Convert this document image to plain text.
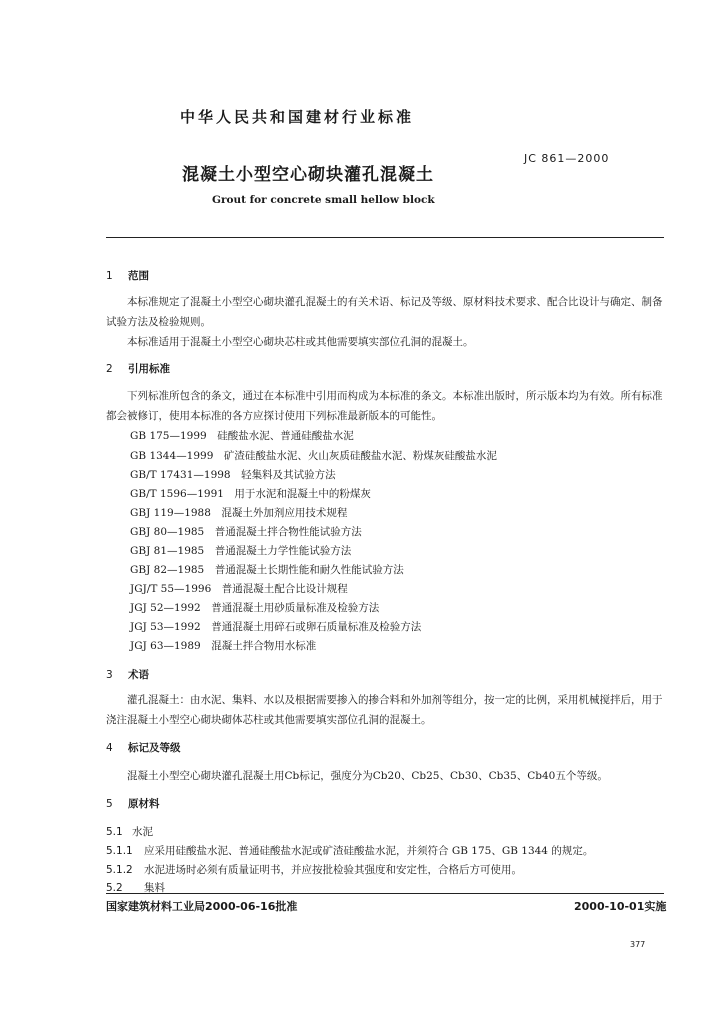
中华人民共和国建材行业标准
混凝土小型空心砌块灌孔混凝土
JC 861—2000
Grout for concrete small hellow block
1 范围
本标准规定了混凝土小型空心砌块灌孔混凝土的有关术语、标记及等级、原材料技术要求、配合比设计与确定、制备试验方法及检验规则。
本标准适用于混凝土小型空心砌块芯柱或其他需要填实部位孔洞的混凝土。
2 引用标准
下列标准所包含的条文，通过在本标准中引用而构成为本标准的条文。本标准出版时，所示版本均为有效。所有标准都会被修订，使用本标准的各方应探讨使用下列标准最新版本的可能性。
GB 175—1999　硅酸盐水泥、普通硅酸盐水泥
GB 1344—1999　矿渣硅酸盐水泥、火山灰质硅酸盐水泥、粉煤灰硅酸盐水泥
GB/T 17431—1998　轻集料及其试验方法
GB/T 1596—1991　用于水泥和混凝土中的粉煤灰
GBJ 119—1988　混凝土外加剂应用技术规程
GBJ 80—1985　普通混凝土拌合物性能试验方法
GBJ 81—1985　普通混凝土力学性能试验方法
GBJ 82—1985　普通混凝土长期性能和耐久性能试验方法
JGJ/T 55—1996　普通混凝土配合比设计规程
JGJ 52—1992　普通混凝土用砂质量标准及检验方法
JGJ 53—1992　普通混凝土用碎石或卵石质量标准及检验方法
JGJ 63—1989　混凝土拌合物用水标准
3 术语
灌孔混凝土：由水泥、集料、水以及根据需要掺入的掺合料和外加剂等组分，按一定的比例，采用机械搅拌后，用于浇注混凝土小型空心砌块砌体芯柱或其他需要填实部位孔洞的混凝土。
4 标记及等级
混凝土小型空心砌块灌孔混凝土用Cb标记，强度分为Cb20、Cb25、Cb30、Cb35、Cb40五个等级。
5 原材料
5.1 水泥
5.1.1 应采用硅酸盐水泥、普通硅酸盐水泥或矿渣硅酸盐水泥，并须符合 GB 175、GB 1344 的规定。
5.1.2 水泥进场时必须有质量证明书，并应按批检验其强度和安定性，合格后方可使用。
5.2 集料
国家建筑材料工业局2000-06-16批准	2000-10-01实施
377
